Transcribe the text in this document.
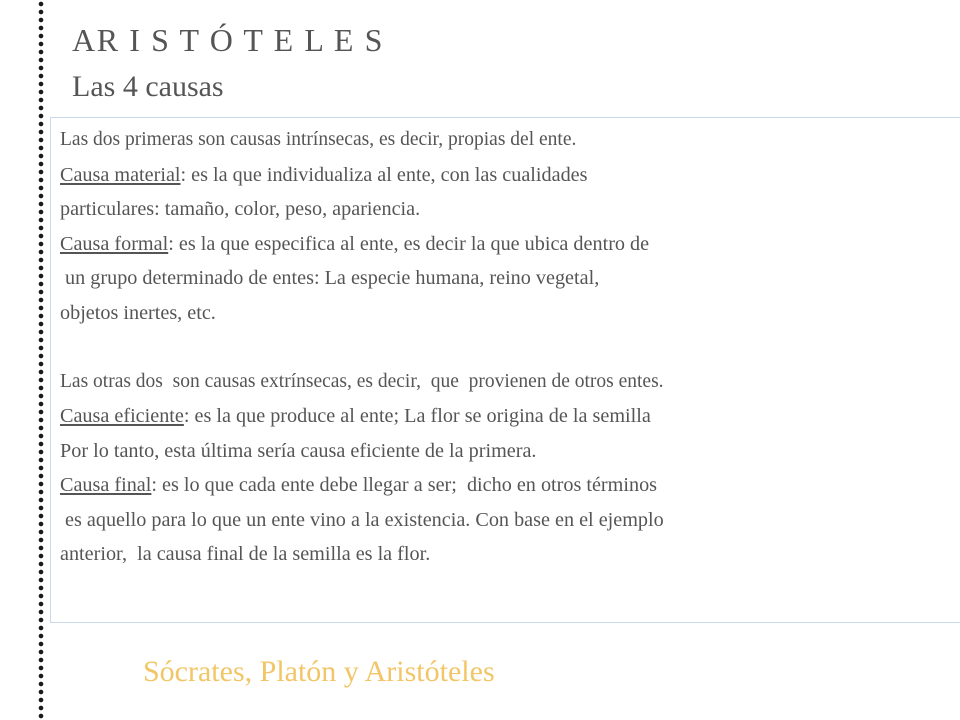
AR I S T Ó T E L E S
Las 4 causas

Las dos primeras son causas intrínsecas, es decir, propias del ente.

Causa material: es la que individualiza al ente, con las cualidades

particulares: tamaño, color, peso, apariencia.

Causa formal: es la que especifica al ente, es decir la que ubica dentro de

un grupo determinado de entes: La especie humana, reino vegetal,

objetos inertes, etc.

Las otras dos  son causas extrínsecas, es decir,  que  provienen de otros entes.

Causa eficiente: es la que produce al ente; La flor se origina de la semilla

Por lo tanto, esta última sería causa eficiente de la primera.

Causa final: es lo que cada ente debe llegar a ser;  dicho en otros términos

es aquello para lo que un ente vino a la existencia. Con base en el ejemplo

anterior,  la causa final de la semilla es la flor.

Sócrates, Platón y Aristóteles
